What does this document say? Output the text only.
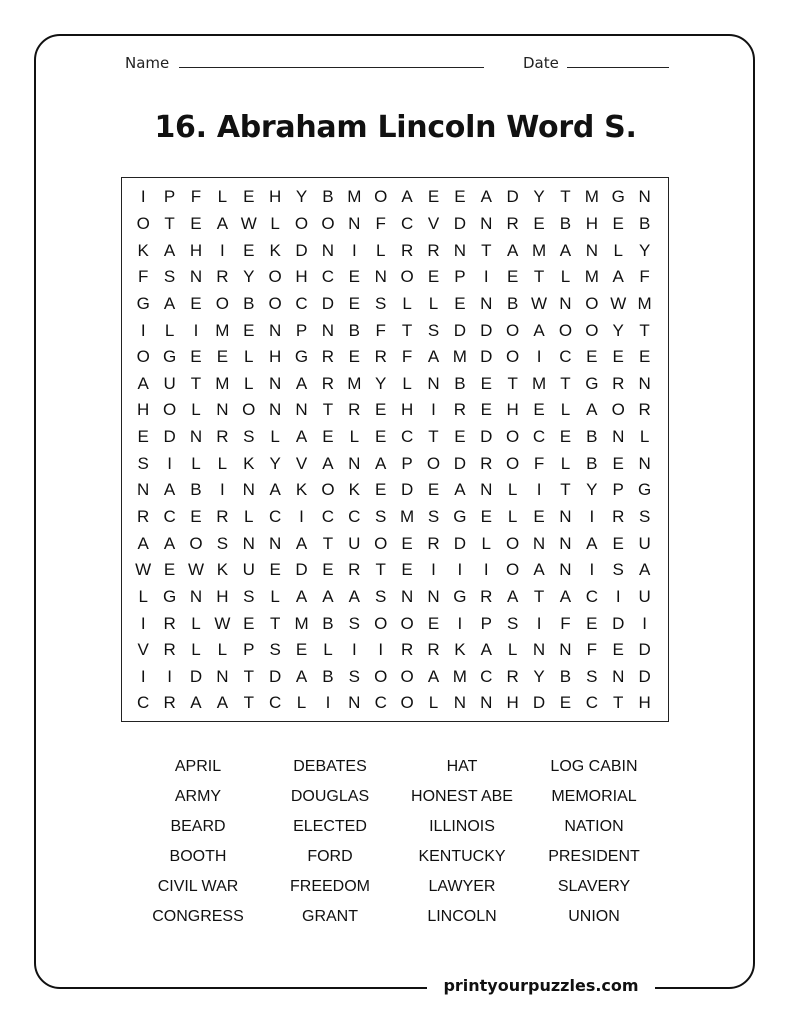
Name	Date
16. Abraham Lincoln Word S.
I	P F L E H Y B M O A E E A D Y T M G N
O T E A W L O O N F C V D N R E B H E B
K A H	I	E K D N	I	L R R N T A M A N L Y
F S N R Y O H C E N O E P	I	E T L M A F
G A E O B O C D E S L L E N B W N O W M
I	L	I M E N P N B F T S D D O A O O Y T
O G E E L H G R E R F A M D O	I	C E E E
A U T M L N A R M Y L N B E T M T G R N
H O L N O N N T R E H	I	R E H E L A O R
E D N R S L A E L E C T E D O C E B N L
S	I	L L K Y V A N A P O D R O F L B E N
N A B	I	N A K O K E D E A N L	I	T Y P G
R C E R L C	I	C C S M S G E L E N	I	R S
A A O S N N A T U O E R D L O N N A E U
W E W K U E D E R T E	I	I	I	O A N	I	S A
L G N H S L A A A S N N G R A T A C	I	U
I	R L W E T M B S O O E	I	P S	I	F E D	I
V R L L P S E L	I	I	R R K A L N N F E D
I	I	D N T D A B S O O A M C R Y B S N D
C R A A T C L	I	N C O L N N H D E C T H
APRIL	DEBATES	HAT	LOG CABIN
ARMY	DOUGLAS	HONEST ABE	MEMORIAL
BEARD	ELECTED	ILLINOIS	NATION
BOOTH	FORD	KENTUCKY	PRESIDENT
CIVIL WAR	FREEDOM	LAWYER	SLAVERY
CONGRESS	GRANT	LINCOLN	UNION
printyourpuzzles.com
